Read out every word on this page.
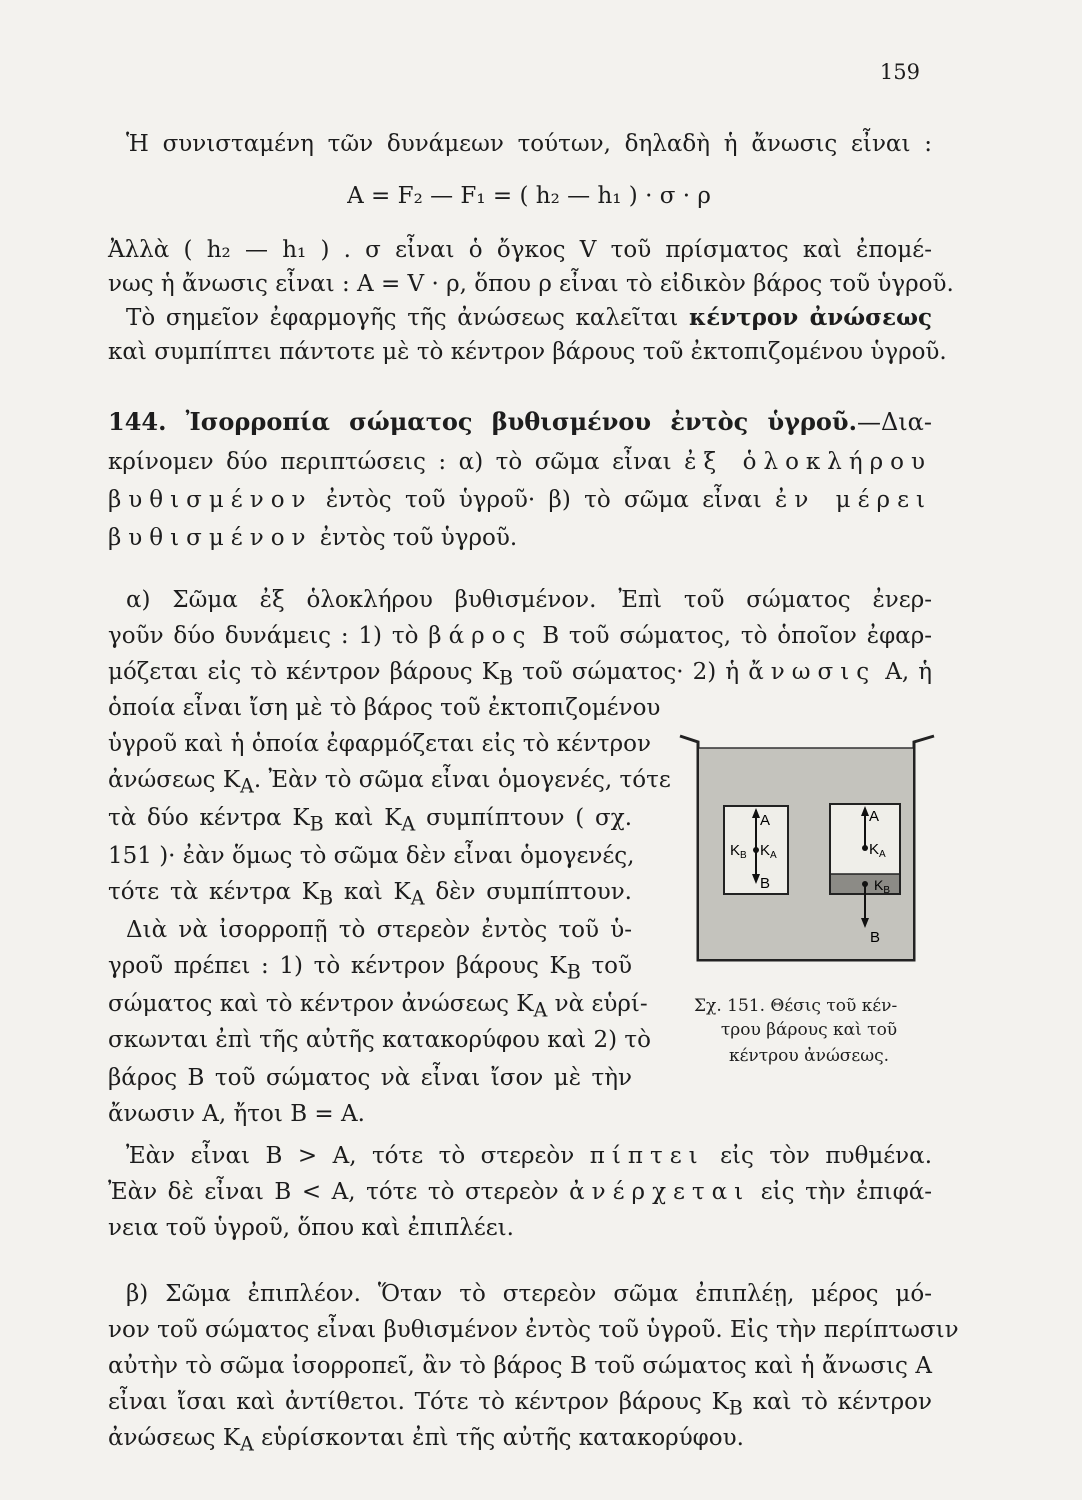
159
Ἡ συνισταμένη τῶν δυνάμεων τούτων, δηλαδὴ ἡ ἄνωσις εἶναι :
A = F₂ — F₁ = ( h₂ — h₁ ) · σ · ρ
Ἀλλὰ ( h₂ — h₁ ) . σ εἶναι ὁ ὄγκος V τοῦ πρίσματος καὶ ἐπομέ-
νως ἡ ἄνωσις εἶναι : A = V · ρ, ὅπου ρ εἶναι τὸ εἰδικὸν βάρος τοῦ ὑγροῦ.
Τὸ σημεῖον ἐφαρμογῆς τῆς ἀνώσεως καλεῖται κέντρον ἀνώσεως
καὶ συμπίπτει πάντοτε μὲ τὸ κέντρον βάρους τοῦ ἐκτοπιζομένου ὑγροῦ.
144. Ἰσορροπία σώματος βυθισμένου ἐντὸς ὑγροῦ.—Δια-
κρίνομεν δύο περιπτώσεις : α) τὸ σῶμα εἶναι ἐξ ὁλοκλήρου
βυθισμένον ἐντὸς τοῦ ὑγροῦ· β) τὸ σῶμα εἶναι ἐν μέρει
βυθισμένον ἐντὸς τοῦ ὑγροῦ.
α) Σῶμα ἐξ ὁλοκλήρου βυθισμένον. Ἐπὶ τοῦ σώματος ἐνερ-
γοῦν δύο δυνάμεις : 1) τὸ βάρος B τοῦ σώματος, τὸ ὁποῖον ἐφαρ-
μόζεται εἰς τὸ κέντρον βάρους $K_B$ τοῦ σώματος· 2) ἡ ἄνωσις A, ἡ
ὁποία εἶναι ἴση μὲ τὸ βάρος τοῦ ἐκτοπιζομένου
ὑγροῦ καὶ ἡ ὁποία ἐφαρμόζεται εἰς τὸ κέντρον
ἀνώσεως $K_A$. Ἐὰν τὸ σῶμα εἶναι ὁμογενές, τότε
τὰ δύο κέντρα $K_B$ καὶ $K_A$ συμπίπτουν ( σχ.
151 )· ἐὰν ὅμως τὸ σῶμα δὲν εἶναι ὁμογενές,
τότε τὰ κέντρα $K_B$ καὶ $K_A$ δὲν συμπίπτουν.
Διὰ νὰ ἰσορροπῇ τὸ στερεὸν ἐντὸς τοῦ ὑ-
γροῦ πρέπει : 1) τὸ κέντρον βάρους $K_B$ τοῦ
σώματος καὶ τὸ κέντρον ἀνώσεως $K_A$ νὰ εὑρί-
σκωνται ἐπὶ τῆς αὐτῆς κατακορύφου καὶ 2) τὸ
βάρος B τοῦ σώματος νὰ εἶναι ἴσον μὲ τὴν
ἄνωσιν A, ἤτοι B = A.
A
$K_B$ $K_A$
B
A
$K_A$
$K_B$
B
Σχ. 151. Θέσις τοῦ κέν-
τρου βάρους καὶ τοῦ
κέντρου ἀνώσεως.
Ἐὰν εἶναι B > A, τότε τὸ στερεὸν πίπτει εἰς τὸν πυθμένα.
Ἐὰν δὲ εἶναι B < A, τότε τὸ στερεὸν ἀνέρχεται εἰς τὴν ἐπιφά-
νεια τοῦ ὑγροῦ, ὅπου καὶ ἐπιπλέει.
β) Σῶμα ἐπιπλέον. Ὅταν τὸ στερεὸν σῶμα ἐπιπλέῃ, μέρος μό-
νον τοῦ σώματος εἶναι βυθισμένον ἐντὸς τοῦ ὑγροῦ. Εἰς τὴν περίπτωσιν
αὐτὴν τὸ σῶμα ἰσορροπεῖ, ἂν τὸ βάρος B τοῦ σώματος καὶ ἡ ἄνωσις A
εἶναι ἴσαι καὶ ἀντίθετοι. Τότε τὸ κέντρον βάρους $K_B$ καὶ τὸ κέντρον
ἀνώσεως $K_A$ εὑρίσκονται ἐπὶ τῆς αὐτῆς κατακορύφου.
